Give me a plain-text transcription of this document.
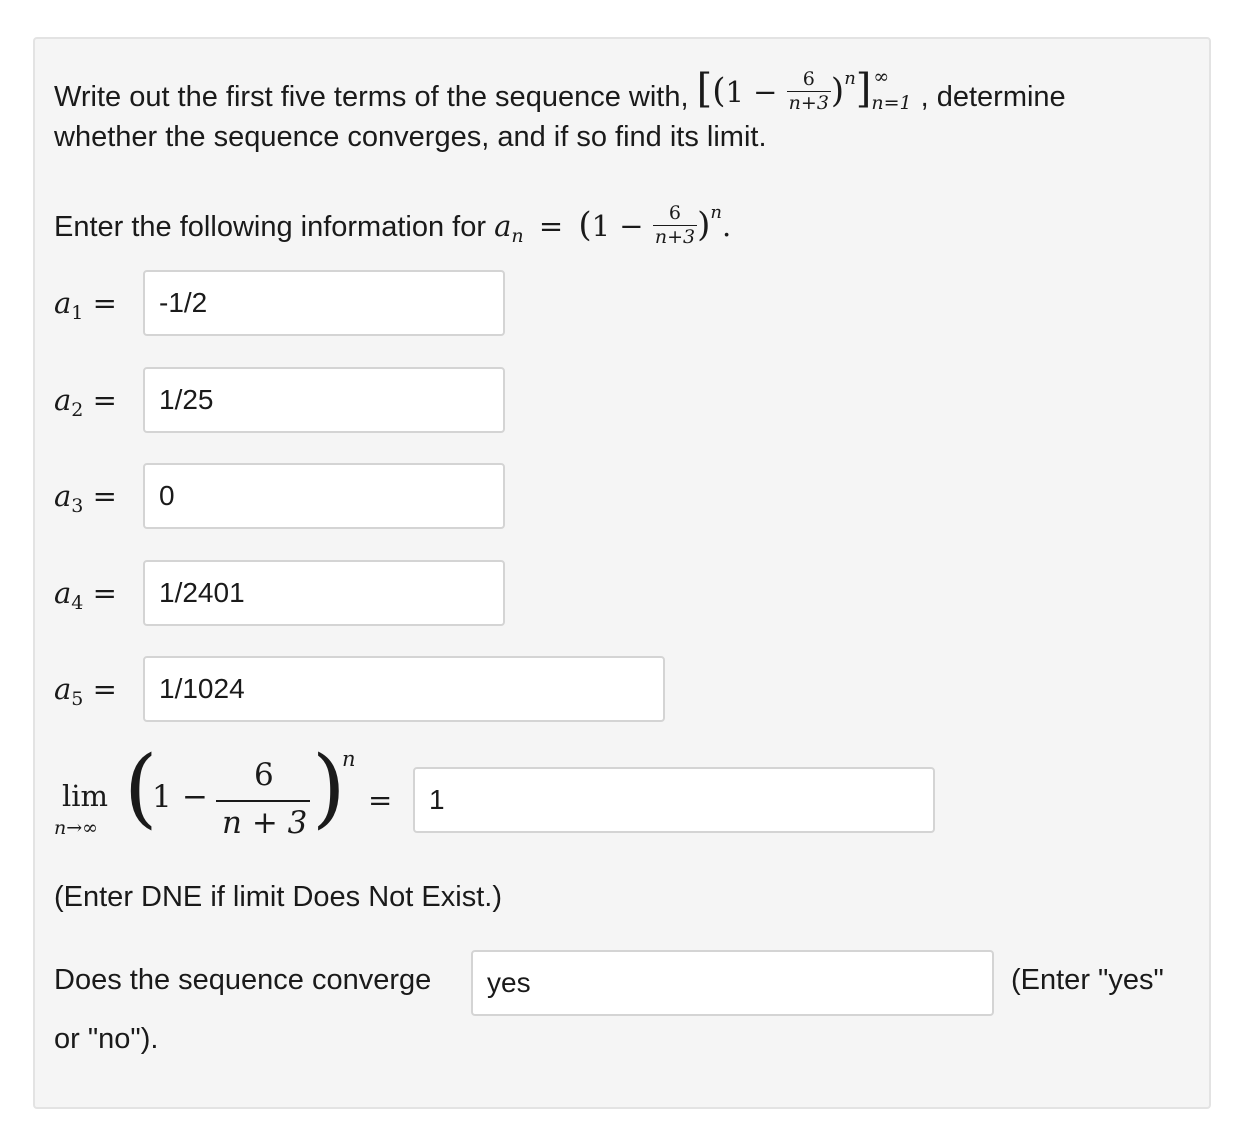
Write out the first five terms of the sequence with, $[(1 - \frac{6}{n+3} )^n]$ ∞
n=1 , determine
whether the sequence converges, and if so find its limit.
Enter the following information for $a_n = (1 - \frac{6}{n+3} )^n$.
$a_1$ =
-1/2
$a_2$ =
1/25
$a_3$ =
0
$a_4$ =
1/2401
$a_5$ =
1/1024
lim
n→∞ (
1 −
6
n + 3 )
n
=
1
(Enter DNE if limit Does Not Exist.)
Does the sequence converge
yes	(Enter "yes"
or "no").
